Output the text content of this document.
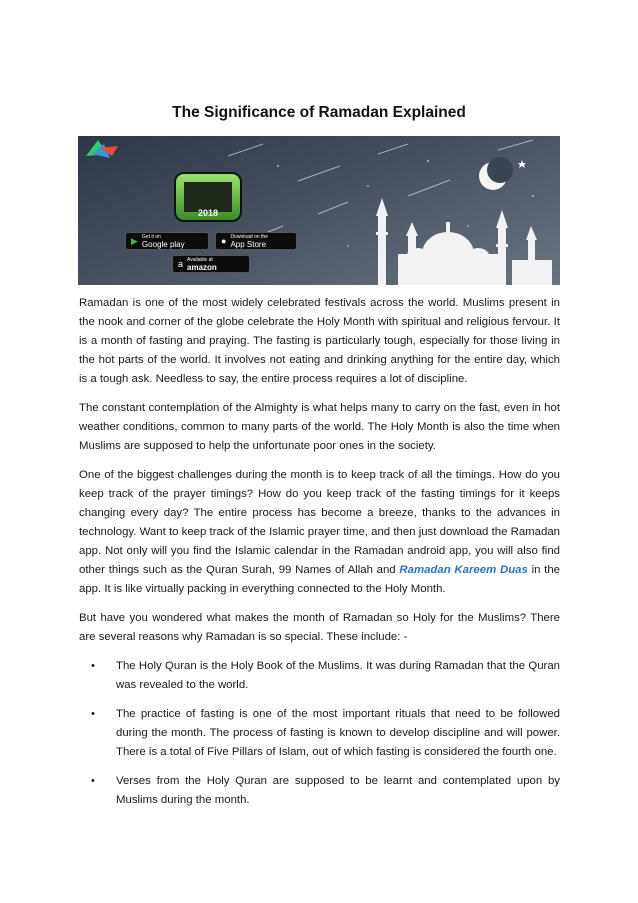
The Significance of Ramadan Explained
2018
▶ Get it on
Google play	● Download on the
App Store
a Available at
amazon

Ramadan is one of the most widely celebrated festivals across the world. Muslims present in the nook and corner of the globe celebrate the Holy Month with spiritual and religious fervour. It is a month of fasting and praying. The fasting is particularly tough, especially for those living in the hot parts of the world. It involves not eating and drinking anything for the entire day, which is a tough ask. Needless to say, the entire process requires a lot of discipline.

The constant contemplation of the Almighty is what helps many to carry on the fast, even in hot weather conditions, common to many parts of the world. The Holy Month is also the time when Muslims are supposed to help the unfortunate poor ones in the society.

One of the biggest challenges during the month is to keep track of all the timings. How do you keep track of the prayer timings? How do you keep track of the fasting timings for it keeps changing every day? The entire process has become a breeze, thanks to the advances in technology. Want to keep track of the Islamic prayer time, and then just download the Ramadan app. Not only will you find the Islamic calendar in the Ramadan android app, you will also find other things such as the Quran Surah, 99 Names of Allah and Ramadan Kareem Duas in the app. It is like virtually packing in everything connected to the Holy Month.

But have you wondered what makes the month of Ramadan so Holy for the Muslims? There are several reasons why Ramadan is so special. These include: -

• The Holy Quran is the Holy Book of the Muslims. It was during Ramadan that the Quran was revealed to the world.
• The practice of fasting is one of the most important rituals that need to be followed during the month. The process of fasting is known to develop discipline and will power. There is a total of Five Pillars of Islam, out of which fasting is considered the fourth one.
• Verses from the Holy Quran are supposed to be learnt and contemplated upon by Muslims during the month.
